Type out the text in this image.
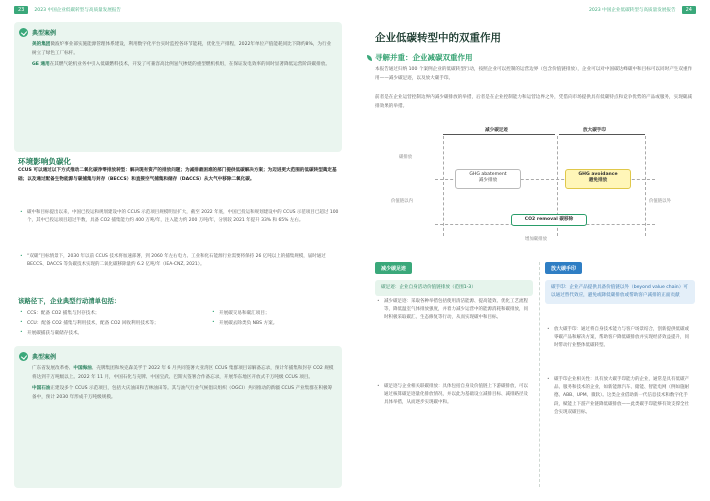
23	2023 中国企业低碳转型与高质量发展报告
典型案例

美的集团微波炉事业部实施能源管理体系建设，利用数字化平台实时监控各环节能耗，优化生产排程，2022年单位产值能耗同比下降约8%，为行业树立了绿色工厂标杆。

GE 通用在其燃气轮机业务中引入低碳燃料技术，开发了可兼容高比例氢气掺烧的重型燃机机组，在保证发电效率的同时显著降低运营阶段碳排放。

环境影响负碳化
CCUS 可以通过以下方式推动二氧化碳净零排放转型：解决现有资产的排放问题；为减排最困难的部门提供低碳解决方案；为迈进更大范围的低碳转型奠定基础；以及通过配备生物能源与碳捕集与封存（BECCS）和直接空气捕集和储存（DACCS）从大气中移除二氧化碳。
• 碳中和目标提出以来，中国已投运和规划建设中的 CCUS 示范项目规模明显扩大，截至 2022 年底，中国已投运和规划建设中的 CCUS 示范项目已超过 100 个，其中已投运项目超过半数，具备 CO2 捕集能力约 400 万吨/年，注入能力约 200 万吨/年，分别较 2021 年提升 33% 和 65% 左右。
• “双碳”目标情景下，2030 年以前 CCUS 技术将加速部署，到 2060 年左右电力、工业和化石能源行业需要将保持 26 亿吨以上的捕集规模，届时通过 BECCS、DACCS 等负碳技术实现的二氧化碳移除量约 6.2 亿吨/年（IEA-CNZ, 2021）。
该路径下，企业典型行动清单包括：
• CCS：配备 CO2 捕集与封存技术；	• 开展碳交易和碳汇项目；
• CCU：配备 CO2 捕集与利用技术，配备 CO2 回收利用技术等；	• 开展碳去除类负 NBS 方案。
• 开展碳捕获与碳储存技术。
典型案例

广东省发展改革委、中国海油、壳牌集团和埃克森美孚于 2022 年 6 月共同签署大亚湾区 CCUS 集群项目谅解备忘录，预计年捕集和封存 CO2 规模将达到千万吨级以上。2022 年 11 月，中国石化与壳牌、中国宝武、巴斯夫签署合作备忘录，开展华东地区开放式千万吨级 CCUS 项目。

中国石油正建设多个 CCUS 示范项目，包括大庆油田和吉林油田等。其与油气行业气候倡议组织（OGCI）共同推动的新疆 CCUS 产业集群在积极筹备中，预计 2030 年形成千万吨级规模。

2023 中国企业低碳转型与高质量发展报告	24
企业低碳转型中的双重作用
寻解并重：企业减碳双重作用
本报告通过归纳 100 个案例企业的低碳转型行动，按照企业可以控制的运营边界（包含价值链排放），企业可以对中国碳达峰碳中和目标可以同时产生双重作用——减少碳足迹，以及放大碳手印。
前者是在企业运营控制边界内减少碳排放的举措，后者是在企业控制能力和运营边界之外，凭借向市场提供具有低碳特点和竞争优势的产品或服务，实现碳减排效果的举措。
减少碳足迹	放大碳手印
碳排放
价值链以内	价值链以外
增加碳排放
GHG abatement
减少排放
GHG avoidance
避免排放
CO2 removal 碳移除
减少碳足迹
碳足迹：企业自身活动价值链排放（范围1-3）
• 减少碳足迹：采取各种举措包括使用清洁能源、提高能效、优化工艺流程等，降低温室气体排放强度，并着力减少运营中的能源消耗和碳排放，同时积极采取碳汇、生态修复等行动，从而实现碳中和目标。
• 碳足迹与企业相关联碳排放：具体包括自身及价值链上下游碳排放，可以通过核算碳足迹量化排放情况，并以此为基础设立减排目标、减排路径及具体举措，从而逐步实现碳中和。
放大碳手印
碳手印：企业产品提供具备价值链以外（beyond value chain）可以通过替代效应，避免或降低碳排放或帮助客户减排的正面贡献
• 放大碳手印：通过将自身技术能力与客户场景结合，创新提供低碳或零碳产品和解决方案，帮助客户降低碳排放并实现经济效益提升，同时带动行业整体低碳转型。
• 碳手印企业相关性：具有放大碳手印能力的企业，通常是具有低碳产品、服务和技术的企业，如新能源汽车、储能、智能电网（例如施耐德、ABB、UPM、微软）。这类企业借助新一代信息技术和数字化手段，赋能上下游产业链降低碳排放——此类碳手印能够有效支撑全社会实现双碳目标。
